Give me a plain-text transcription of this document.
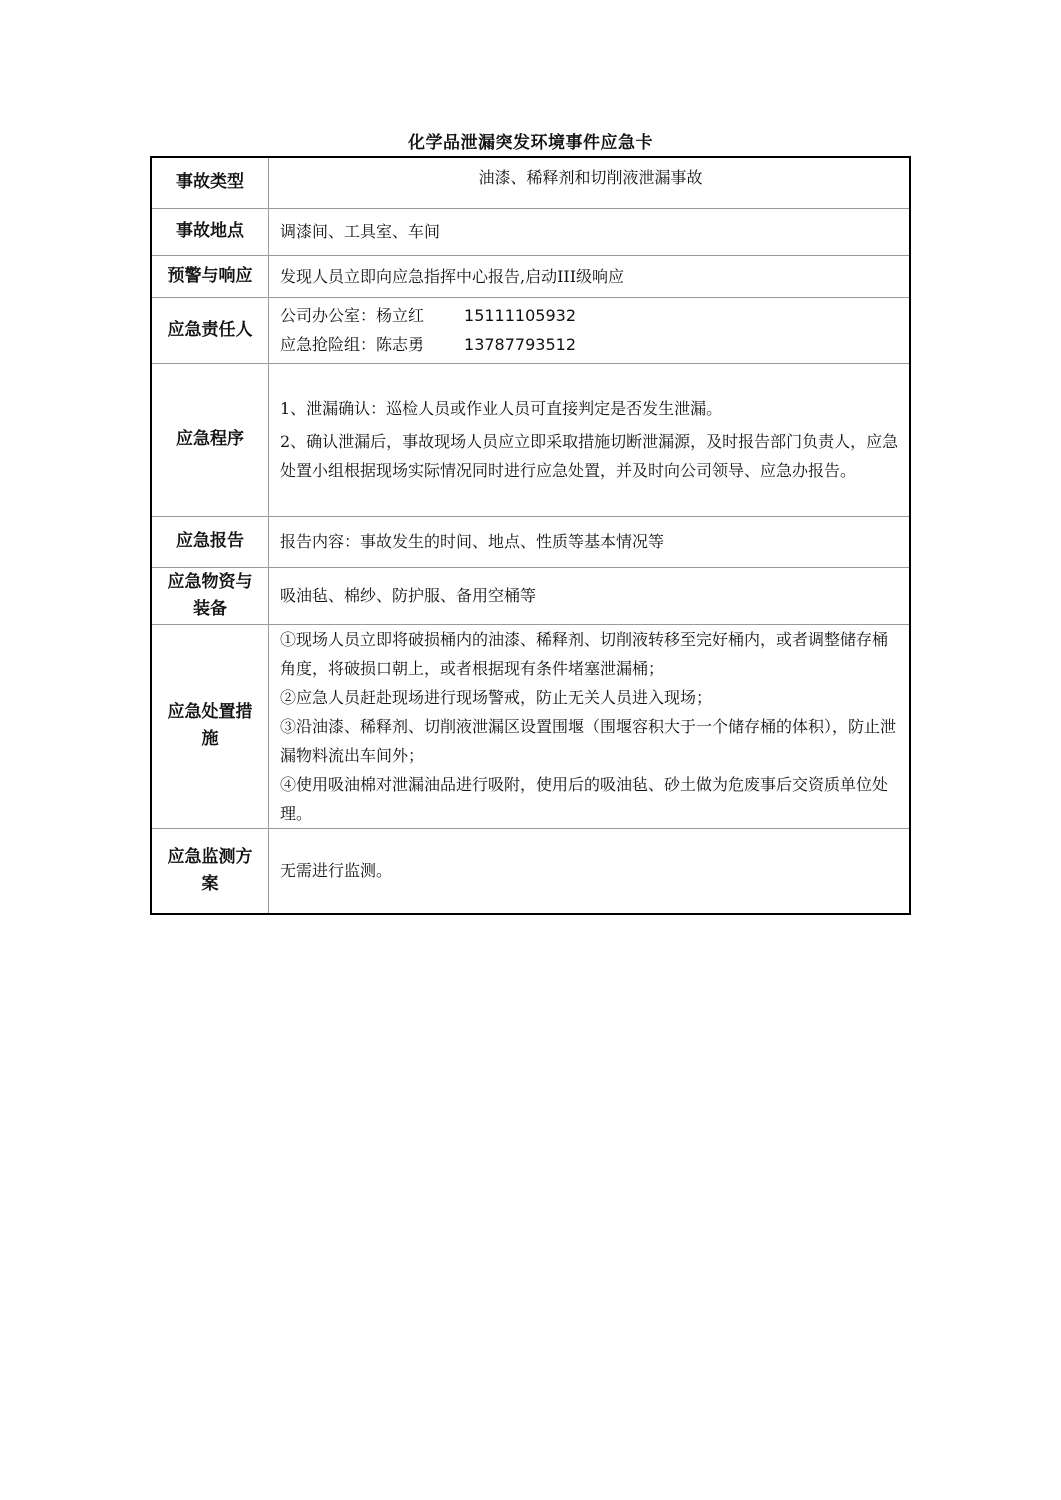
化学品泄漏突发环境事件应急卡
事故类型	油漆、稀释剂和切削液泄漏事故

事故地点	调漆间、工具室、车间
预警与响应	发现人员立即向应急指挥中心报告,启动III级响应
应急责任人	公司办公室：杨立红 15111105932
应急抢险组：陈志勇 13787793512

应急程序	1、泄漏确认：巡检人员或作业人员可直接判定是否发生泄漏。
2、确认泄漏后，事故现场人员应立即采取措施切断泄漏源，及时报告部门负责人，应急处置小组根据现场实际情况同时进行应急处置，并及时向公司领导、应急办报告。

应急报告	报告内容：事故发生的时间、地点、性质等基本情况等

应急物资与
装备	吸油毡、棉纱、防护服、备用空桶等

应急处置措
施	①现场人员立即将破损桶内的油漆、稀释剂、切削液转移至完好桶内，或者调整储存桶角度，将破损口朝上，或者根据现有条件堵塞泄漏桶；
②应急人员赶赴现场进行现场警戒，防止无关人员进入现场；
③沿油漆、稀释剂、切削液泄漏区设置围堰（围堰容积大于一个储存桶的体积），防止泄漏物料流出车间外；
④使用吸油棉对泄漏油品进行吸附，使用后的吸油毡、砂土做为危废事后交资质单位处理。

应急监测方
案	无需进行监测。
